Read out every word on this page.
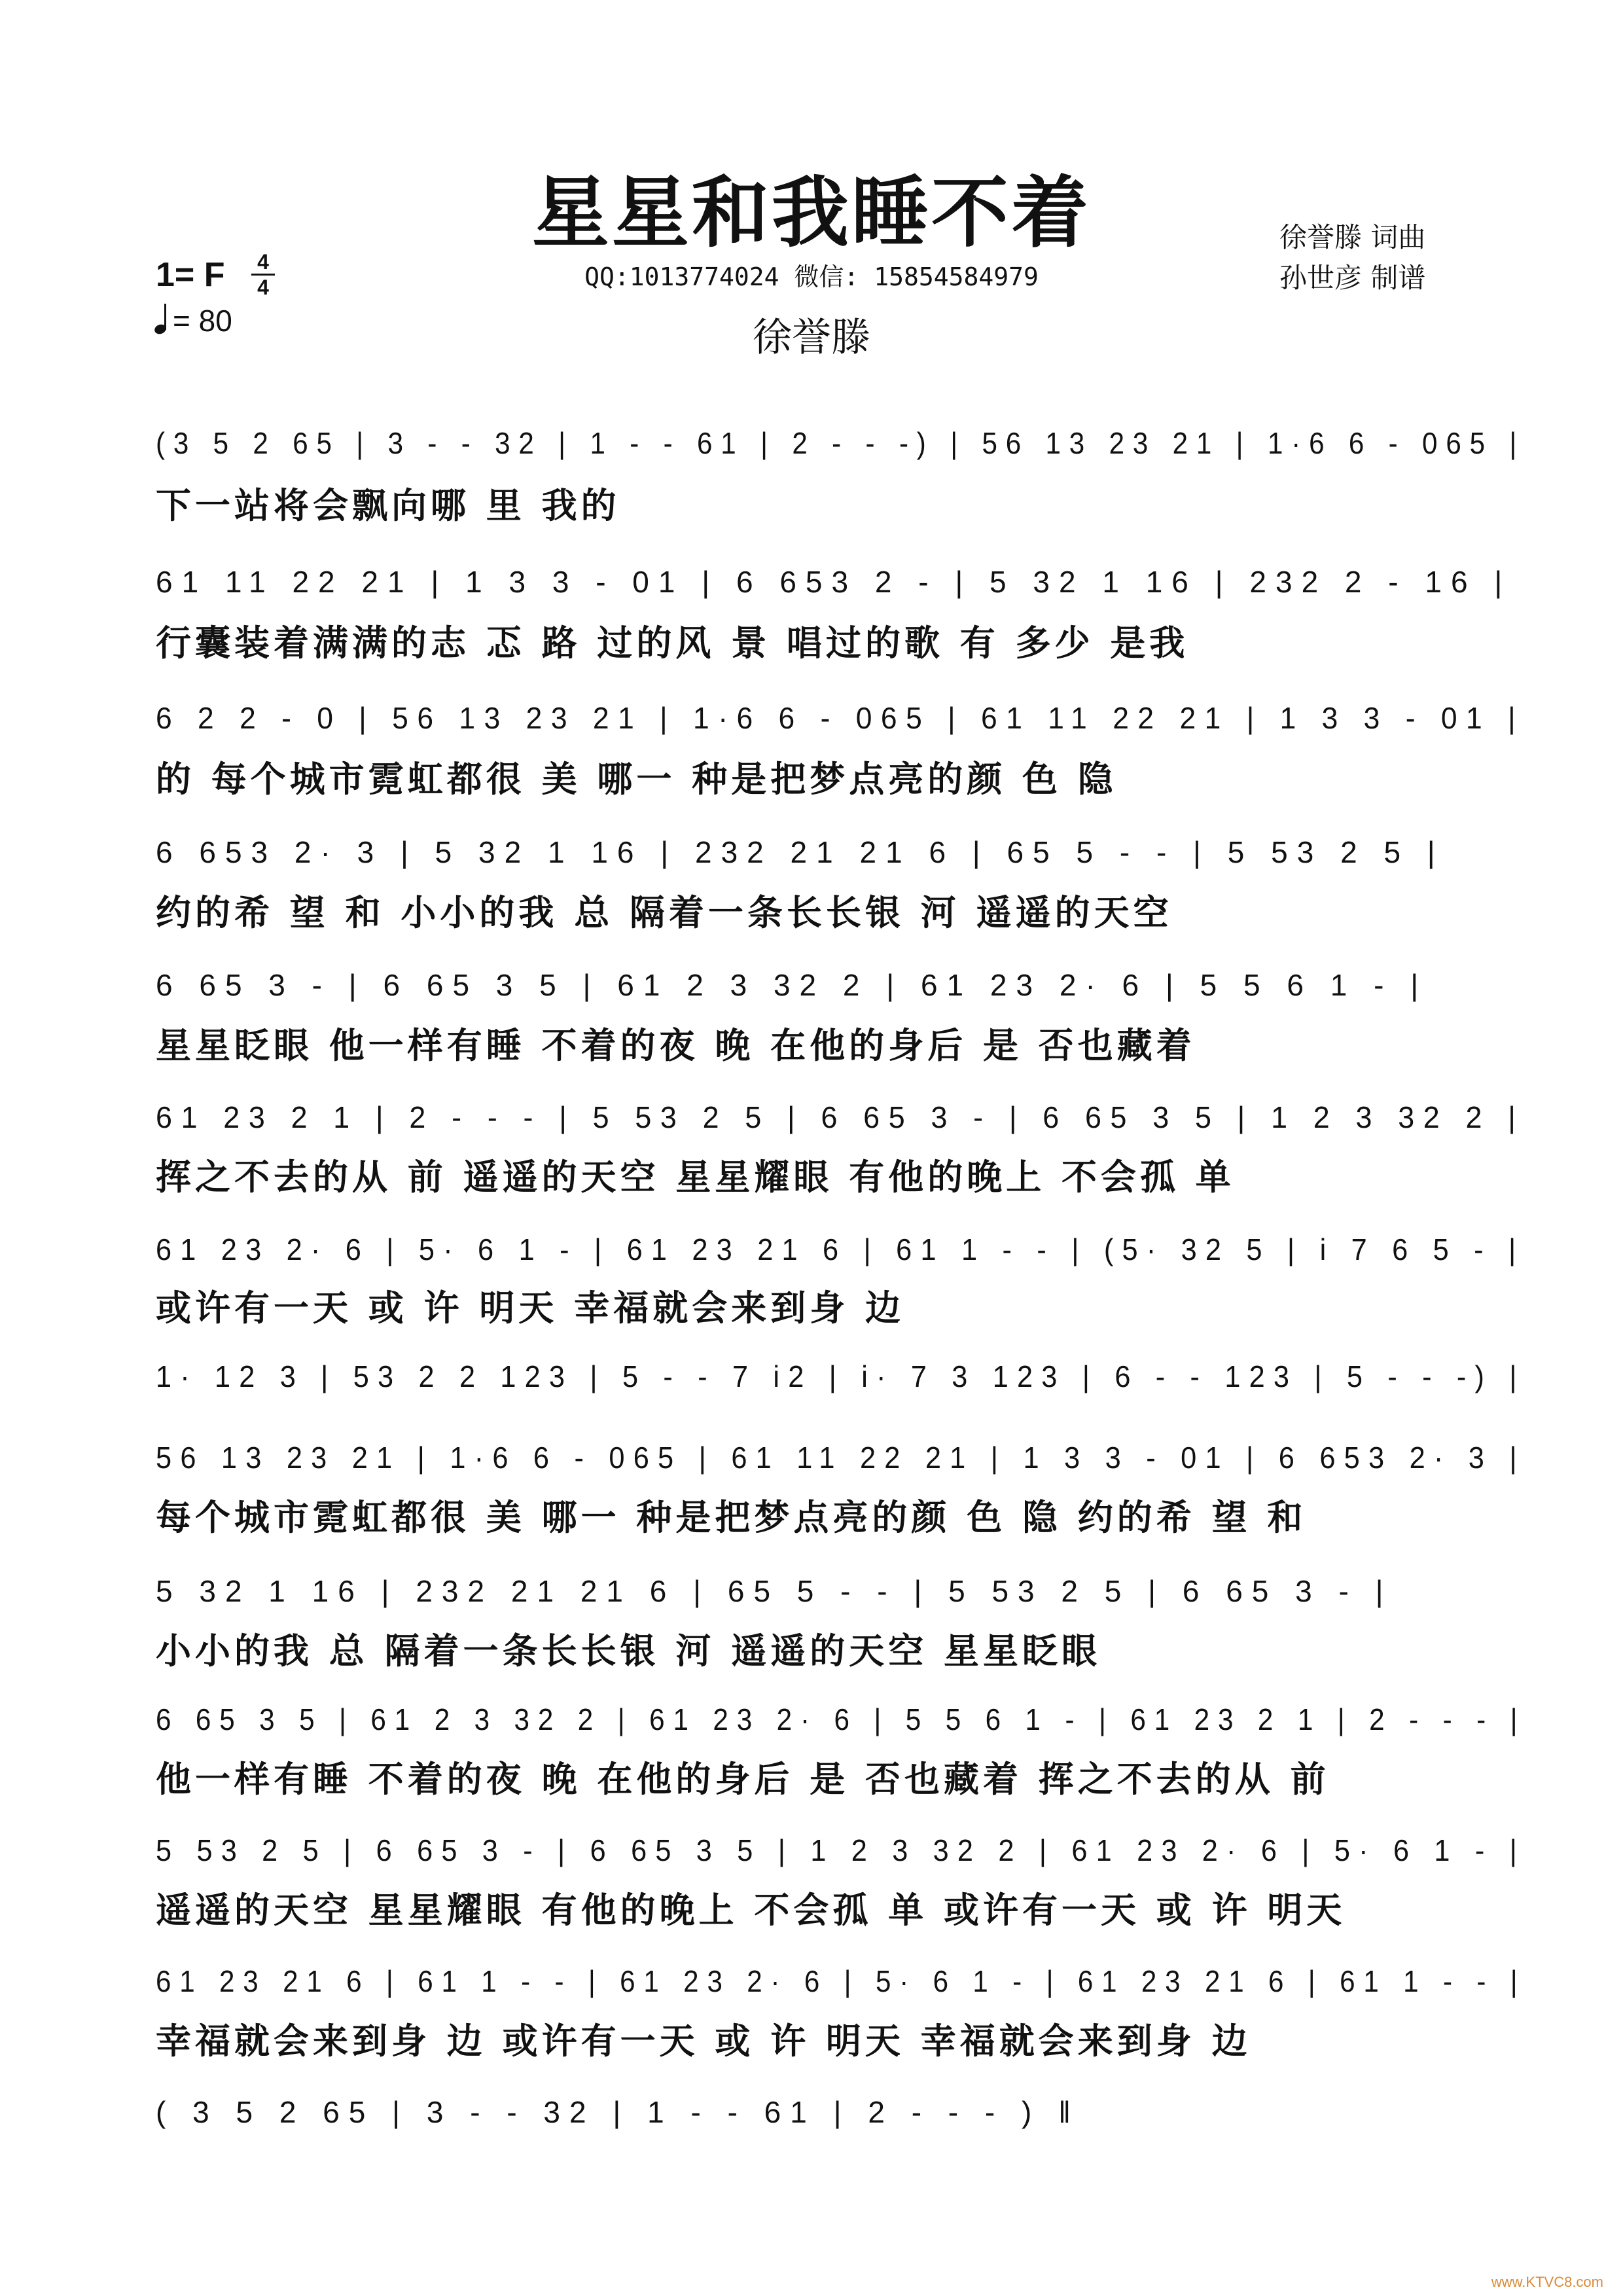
星星和我睡不着
QQ:1013774024 微信: 15854584979
徐誉滕
徐誉滕 词曲
孙世彦 制谱
1= F 4
4
= 80
(3 5 2 65 | 3 - - 32 | 1 - - 61 | 2 - - -) | 56 13 23 21 | 1·6 6 - 065 |
下一站将会飘向哪 里 我的
61 11 22 21 | 1 3 3 - 01 | 6 653 2 - | 5 32 1 16 | 232 2 - 16 |
行囊装着满满的志 忑 路 过的风 景 唱过的歌 有 多少 是我
6 2 2 - 0 | 56 13 23 21 | 1·6 6 - 065 | 61 11 22 21 | 1 3 3 - 01 |
的 每个城市霓虹都很 美 哪一 种是把梦点亮的颜 色 隐
6 653 2· 3 | 5 32 1 16 | 232 21 21 6 | 65 5 - - | 5 53 2 5 |
约的希 望 和 小小的我 总 隔着一条长长银 河 遥遥的天空
6 65 3 - | 6 65 3 5 | 61 2 3 32 2 | 61 23 2· 6 | 5 5 6 1 - |
星星眨眼 他一样有睡 不着的夜 晚 在他的身后 是 否也藏着
61 23 2 1 | 2 - - - | 5 53 2 5 | 6 65 3 - | 6 65 3 5 | 1 2 3 32 2 |
挥之不去的从 前 遥遥的天空 星星耀眼 有他的晚上 不会孤 单
61 23 2· 6 | 5· 6 1 - | 61 23 21 6 | 61 1 - - | (5· 32 5 | i 7 6 5 - |
或许有一天 或 许 明天 幸福就会来到身 边
1· 12 3 | 53 2 2 123 | 5 - - 7 i2 | i· 7 3 123 | 6 - - 123 | 5 - - -) |
56 13 23 21 | 1·6 6 - 065 | 61 11 22 21 | 1 3 3 - 01 | 6 653 2· 3 |
每个城市霓虹都很 美 哪一 种是把梦点亮的颜 色 隐 约的希 望 和
5 32 1 16 | 232 21 21 6 | 65 5 - - | 5 53 2 5 | 6 65 3 - |
小小的我 总 隔着一条长长银 河 遥遥的天空 星星眨眼
6 65 3 5 | 61 2 3 32 2 | 61 23 2· 6 | 5 5 6 1 - | 61 23 2 1 | 2 - - - |
他一样有睡 不着的夜 晚 在他的身后 是 否也藏着 挥之不去的从 前
5 53 2 5 | 6 65 3 - | 6 65 3 5 | 1 2 3 32 2 | 61 23 2· 6 | 5· 6 1 - |
遥遥的天空 星星耀眼 有他的晚上 不会孤 单 或许有一天 或 许 明天
61 23 21 6 | 61 1 - - | 61 23 2· 6 | 5· 6 1 - | 61 23 21 6 | 61 1 - - |
幸福就会来到身 边 或许有一天 或 许 明天 幸福就会来到身 边
( 3 5 2 65 | 3 - - 32 | 1 - - 61 | 2 - - - ) ‖
www.KTVC8.com
